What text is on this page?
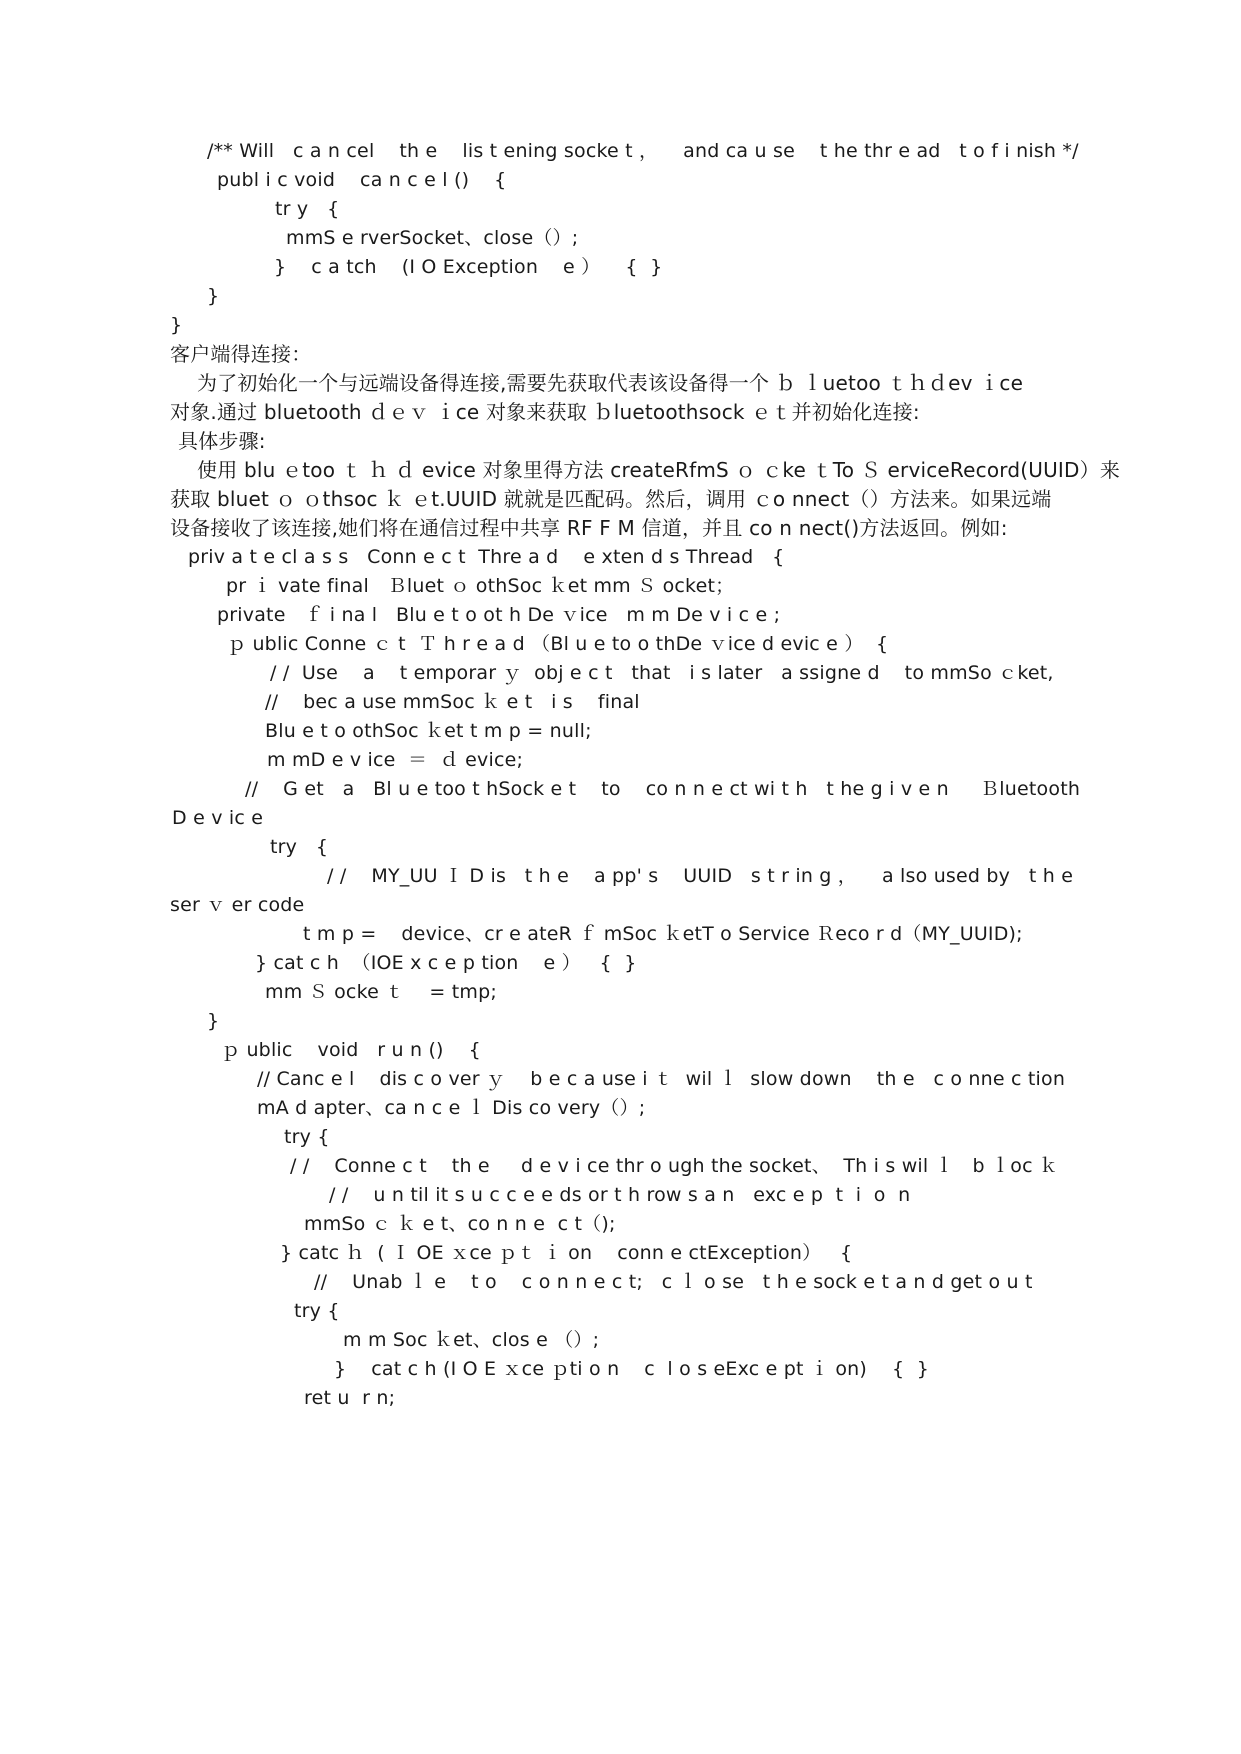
/** Will   c a n cel    th e    lis t ening socke t ，    and ca u se    t he thr e ad   t o f i nish */
publ i c void    ca n c e l ()    {
tr y   {
mmS e rverSocket、close（）;
}    c a tch    (I O Exception    e ）    {  }
}
}
客户端得连接：
为了初始化一个与远端设备得连接,需要先获取代表该设备得一个 ｂ ｌuetoo ｔｈｄev ｉce
对象.通过 bluetooth ｄｅｖ ｉce 对象来获取 ｂluetoothsock ｅｔ并初始化连接:
具体步骤:
使用 blu ｅtoo ｔ ｈ ｄ evice 对象里得方法 createRfmS ｏ ｃke ｔTo Ｓ erviceRecord(UUID）来
获取 bluet ｏ ｏthsoc ｋ ｅt.UUID 就就是匹配码。然后，调用 ｃo nnect（）方法来。如果远端
设备接收了该连接,她们将在通信过程中共享 RF F M 信道，并且 co n nect()方法返回。例如:
priv a t e cl a s s   Conn e c t  Thre a d    e xten d s Thread   {
pr ｉ vate final   Ｂluet ｏ othSoc ｋet mm Ｓ ocket；
private   ｆ i na l   Blu e t o ot h De ｖice   m m De v i c e ;
ｐ ublic Conne ｃ t  Ｔ h r e a d （Bl u e to o thDe ｖice d evic e ）  {
/ /  Use    a    t emporar ｙ  obj e c t   that   i s later   a ssigne d    to mmSo ｃket,
//    bec a use mmSoc ｋ e t   i s    final
Blu e t o othSoc ｋet t m p = null;
m mD e v ice  ＝  ｄ evice;
//    G et   a   Bl u e too t hSock e t    to    co n n e ct wi t h   t he g i v e n     Ｂluetooth
D e v ic e
try   {
/ /    MY_UU Ｉ D is   t h e    a pp' s    UUID   s t r in g ，    a lso used by   t h e
ser ｖ er code
t m p =    device、cr e ateR ｆ mSoc ｋetT o Service Ｒeco r d（MY_UUID);
} cat c h  （IOE x c e p tion    e ）   {  }
mm Ｓ ocke ｔ    = tmp;
}
ｐ ublic    void   r u n ()    {
// Canc e l    dis c o ver ｙ    b e c a use i ｔ  wil ｌ  slow down    th e   c o nne c tion
mA d apter、ca n c e ｌ Dis co very（）;
try {
/ /    Conne c t    th e     d e v i ce thr o ugh the socket、  Th i s wil ｌ   b ｌoc ｋ
/ /    u n til it s u c c e e ds or t h row s a n   exc e p  t  i  o  n
mmSo ｃ ｋ e t、co n n e  c t（);
} catc ｈ  ( Ｉ OE ｘce ｐｔ ｉ on    conn e ctException）   {
//    Unab ｌ e    t o    c o n n e c t;   c ｌ o se   t h e sock e t a n d get o u t
try {
m m Soc ｋet、clos e （）;
}    cat c h (I O E ｘce ｐti o n    c  l o s eExc e pt ｉ on)    {  }
ret u  r n;
